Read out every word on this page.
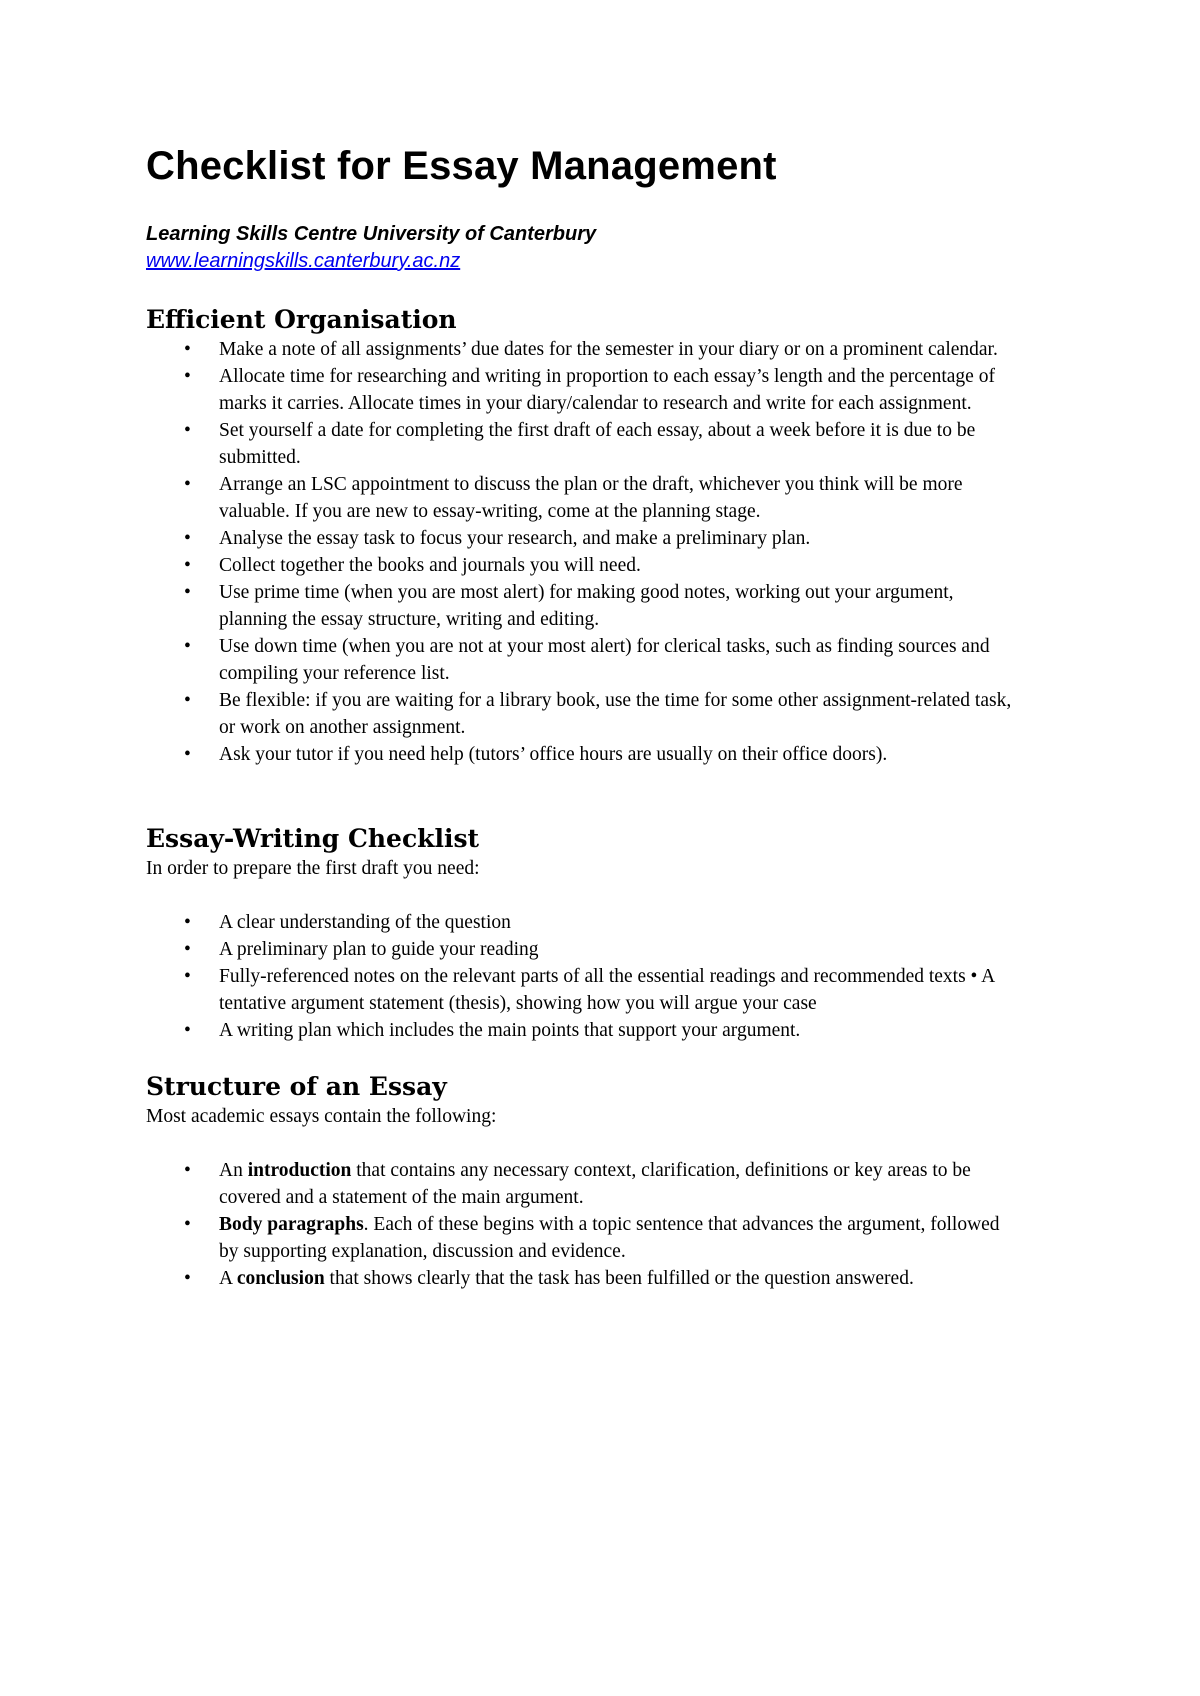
Checklist for Essay Management

Learning Skills Centre University of Canterbury

www.learningskills.canterbury.ac.nz
Efficient Organisation
• Make a note of all assignments’ due dates for the semester in your diary or on a prominent calendar.
• Allocate time for researching and writing in proportion to each essay’s length and the percentage of marks it carries. Allocate times in your diary/calendar to research and write for each assignment.
• Set yourself a date for completing the first draft of each essay, about a week before it is due to be submitted.
• Arrange an LSC appointment to discuss the plan or the draft, whichever you think will be more valuable. If you are new to essay-writing, come at the planning stage.
• Analyse the essay task to focus your research, and make a preliminary plan.
• Collect together the books and journals you will need.
• Use prime time (when you are most alert) for making good notes, working out your argument, planning the essay structure, writing and editing.
• Use down time (when you are not at your most alert) for clerical tasks, such as finding sources and compiling your reference list.
• Be flexible: if you are waiting for a library book, use the time for some other assignment-related task, or work on another assignment.
• Ask your tutor if you need help (tutors’ office hours are usually on their office doors).
Essay-Writing Checklist

In order to prepare the first draft you need:

• A clear understanding of the question
• A preliminary plan to guide your reading
• Fully-referenced notes on the relevant parts of all the essential readings and recommended texts • A tentative argument statement (thesis), showing how you will argue your case
• A writing plan which includes the main points that support your argument.
Structure of an Essay

Most academic essays contain the following:

• An introduction that contains any necessary context, clarification, definitions or key areas to be covered and a statement of the main argument.
• Body paragraphs. Each of these begins with a topic sentence that advances the argument, followed by supporting explanation, discussion and evidence.
• A conclusion that shows clearly that the task has been fulfilled or the question answered.
